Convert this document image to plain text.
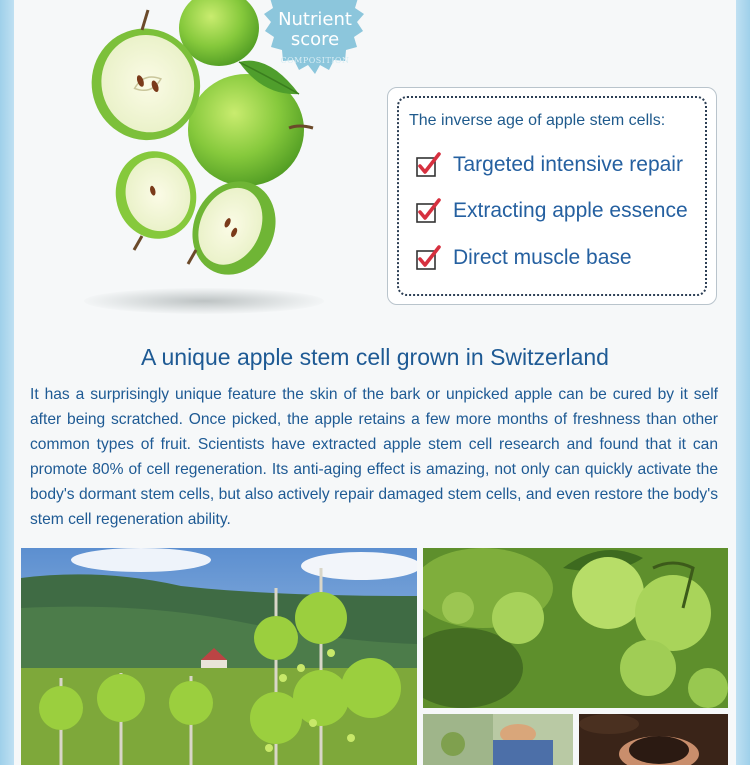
Nutrient
score
COMPOSITION
The inverse age of apple stem cells:
Targeted intensive repair
Extracting apple essence
Direct muscle base
A unique apple stem cell grown in Switzerland
It has a surprisingly unique feature the skin of the bark or unpicked apple can be cured by it self after being scratched. Once picked, the apple retains a few more months of freshness than other common types of fruit. Scientists have extracted apple stem cell research and found that it can promote 80% of cell regeneration. Its anti-aging effect is amazing, not only can quickly activate the body's dormant stem cells, but also actively repair damaged stem cells, and even restore the body's stem cell regeneration ability.
